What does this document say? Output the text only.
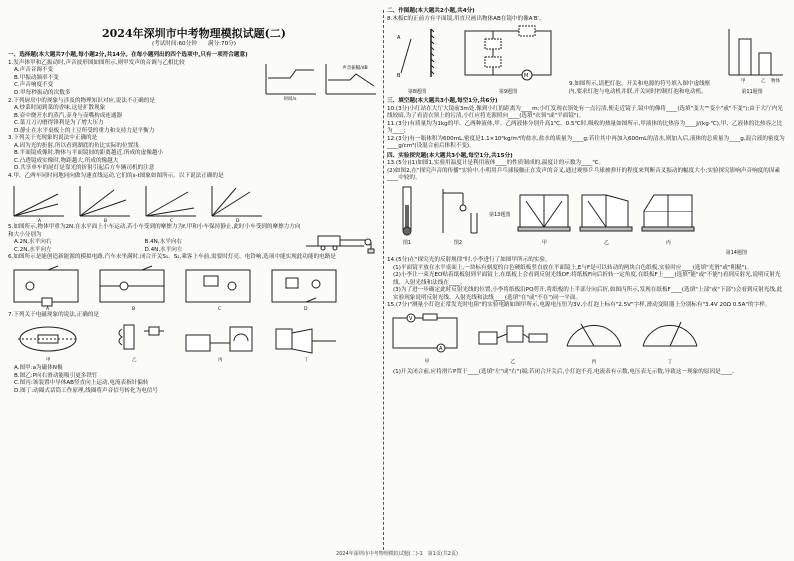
2024年深圳市中考物理模拟试题(二)
(考试时间:60分钟　　满分:70分)
一、选择题(本大题共7小题,每小题2分,共14分。在每小题列出的四个选项中,只有一项符合题意)

1.发声体甲和乙振动时,声音波形图如图所示,则甲发声的音调与乙相比较

A.声音音调不变

B.甲振动频率不变

C.声音响度不变

D.甲每秒振动的次数多

时间/s
声音振幅/dB

2.下列厨房中的现象与涉及的物理知识对应,说法不正确的是

A.炒菜时闻到菜的香味,这是扩散现象

B.壶中烧开水的蒸汽,壶身与壶嘴构成连通器

C.菜刀刀刃磨得锋利是为了增大压力

D.静止在水平桌板上的土豆所受的重力和支持力是平衡力

3.下列关于光现象的说法中正确的是

A.因为光的折射,所以看到湖底的鱼比实际的位置浅

B.平面镜成像时,物体与平面镜间的距离越近,所成的虚像越小

C.凸透镜成实像时,物距越大,所成的像越大

D.共享单车的尾灯是靠光的折射引起后方车辆司机的注意

4.甲、乙两车同时同地同向做匀速直线运动,它们的s-t图象如图所示。以下说法正确的是

A	B	C	D

5.如图所示,物体甲重为2N,在水平面上小车运动,若小车受到的摩擦力为f,甲和小车保持静止,此时小车受到的摩擦力方向和大小分别为

A.2N,水平向右	B.4N,水平向右
C.2N,水平向左	D.4N,水平向左

6.如图所示是能创造新能源的模拟电路,汽车未坐满时,闭合开关S₁、S₂,乘客上车前,需要时灯亮、电铃响,选项中能实现此功能的电路是

A	B	C	D

7.下列关于电磁现象的说法,正确的是

甲	乙	丙	丁

A.图甲:a为磁体N极

B.图乙:P向右滑动能吸引更多铁钉

C.图丙:该装置中导体AB竖直向上运动,电流表指针偏转

D.图丁:动圈式话筒工作原理,线圈将声音信号转化为电信号

二、作图题(本大题共2小题,共4分)

8.木板C的正前方有平面镜,用直尺画出物体AB在镜中的像A′B′。

A
B
第8题图
M
第9题图

9.如图所示,请把灯泡、开关和电源的符号填入图中虚线框内,要求灯泡与电动机并联,开关同时控制灯泡和电动机。

甲	乙 物体
第11题图
三、填空题(本大题共3小题,每空1分,共6分)

10.(3分)小红站在大厅大镜前3m处,像到小红的距离为____m;小红发现衣领处有一点污渍,便走近镜子,镜中的像将____(选填"变大""变小"或"不变");由于大厅内光线较暗,为了看清衣领上的污渍,小红应将光源照向____(选填"衣领"或"平面镜")。

11.(3分)有质量均为1kg的甲、乙两种液体,甲、乙两液体分别升高1℃、0.5℃时,吸收的热量如图所示,甲液体的比热容为____J/(kg·℃),甲、乙液体的比热容之比为____;

12.(3分)有一瓶体积为600mL,密度是1.1×10³kg/m³的盐水,盐水的质量为____g;若往其中再加入600mL的清水,则加入后,液体的总质量为____g,混合液的密度为____g/cm³(设混合前后体积不变)。

四、实验探究题(本大题共3小题,每空1分,共15分)

13.(5分)(1)如图1,实验用温度计是利用液体____的性质制成的,温度计的示数为____℃。

(2)如图2,在"探究声音的传播"实验中,小明用乒乓球接触正在发声的音叉,通过观察乒乓球被弹开的程度来判断音叉振动的幅度大小;实验探究影响声音响度的因素____中较的。

图1	图2
第13题图
甲	乙	丙
第14题图

14.(5分)在"探究光的反射规律"时,小李进行了如图甲所示的实验。

(1)平面镜平放在水平桌面上,一块标有刻度的白色硬纸板竖直放在平面镜上,E与F是可以转动的两块白色纸板,实验时应____(选填"光滑"或"粗糙")。

(2)小李让一束光EO贴着纸板射到平面镜上,在纸板上会看到反射光线OF;将纸板F向后折转一定角度,在纸板F上____(选填"能"或"不能")看到反射光,说明反射光线、入射光线和法线在____。

(3)为了进一步确定此时反射光线的位置,小李将纸板沿PQ剪开,将纸板的上半部分向后折,如图丙所示,发现在纸板F____(选填"上部"或"下部")会看到反射光线,此实验现象说明反射光线、入射光线和法线____(选填"在"或"不在")同一平面。

15.(7分)"测量小灯泡正常发光时电阻"的实验电路如图甲所示,电源电压恒为3V,小灯泡上标有"2.5V"字样,滑动变阻器上分别标有"3.4V 20Ω 0.5A"的字样。

V
A
甲	乙	丙	丁

(1)开关闭合前,应将滑片P置于____(选填"左"或"右")端;若闭合开关后,小灯泡不亮,电流表有示数,电压表无示数,导致这一现象的原因是____。

2024年深圳市中考物理模拟试题(二)-1　第1页(共2页)
